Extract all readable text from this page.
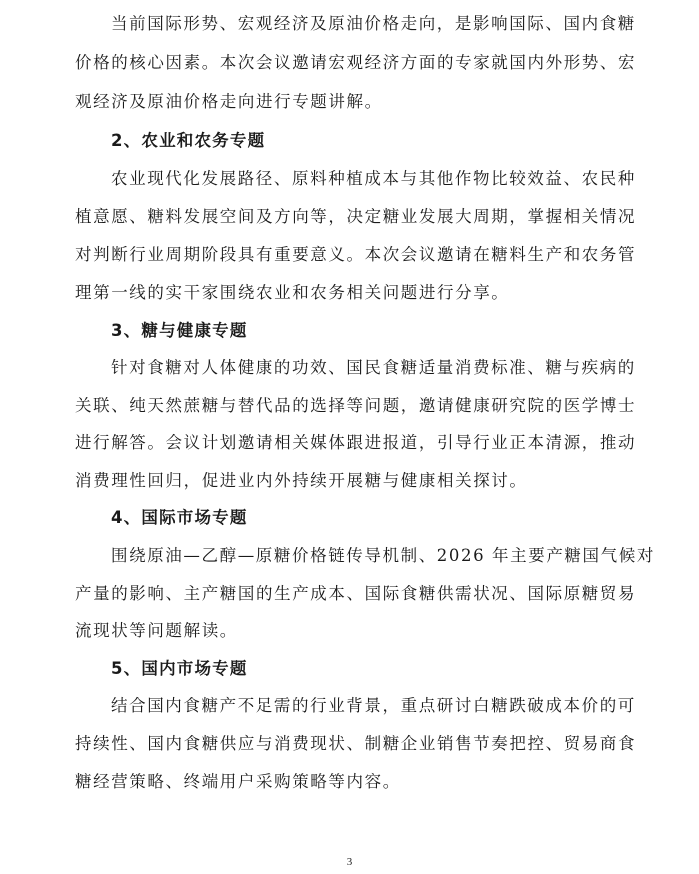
当前国际形势、宏观经济及原油价格走向，是影响国际、国内食糖
价格的核心因素。本次会议邀请宏观经济方面的专家就国内外形势、宏
观经济及原油价格走向进行专题讲解。
2、农业和农务专题
农业现代化发展路径、原料种植成本与其他作物比较效益、农民种
植意愿、糖料发展空间及方向等，决定糖业发展大周期，掌握相关情况
对判断行业周期阶段具有重要意义。本次会议邀请在糖料生产和农务管
理第一线的实干家围绕农业和农务相关问题进行分享。
3、糖与健康专题
针对食糖对人体健康的功效、国民食糖适量消费标准、糖与疾病的
关联、纯天然蔗糖与替代品的选择等问题，邀请健康研究院的医学博士
进行解答。会议计划邀请相关媒体跟进报道，引导行业正本清源，推动
消费理性回归，促进业内外持续开展糖与健康相关探讨。
4、国际市场专题
围绕原油—乙醇—原糖价格链传导机制、2026 年主要产糖国气候对
产量的影响、主产糖国的生产成本、国际食糖供需状况、国际原糖贸易
流现状等问题解读。
5、国内市场专题
结合国内食糖产不足需的行业背景，重点研讨白糖跌破成本价的可
持续性、国内食糖供应与消费现状、制糖企业销售节奏把控、贸易商食
糖经营策略、终端用户采购策略等内容。
3
